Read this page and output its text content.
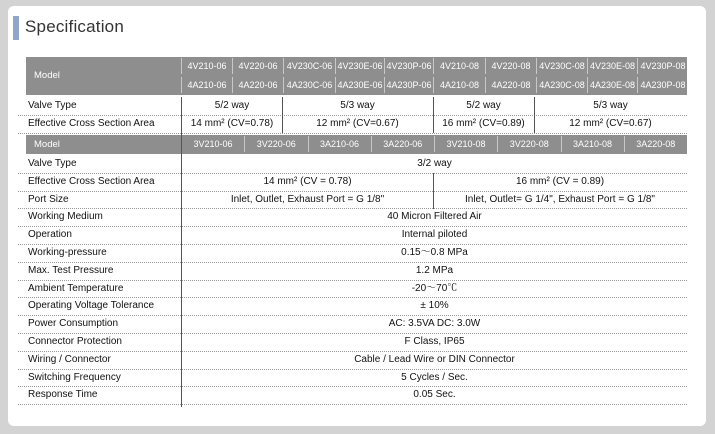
Specification
Model
4V210-06	4V220-06	4V230C-06 4V230E-06 4V230P-06 4V210-08	4V220-08 4V230C-08 4V230E-08 4V230P-08
4A210-06	4A220-06	4A230C-06 4A230E-06 4A230P-06 4A210-08	4A220-08 4A230C-08 4A230E-08 4A230P-08
Valve Type	5/2 way	5/3 way	5/2 way	5/3 way
Effective Cross Section Area	14 mm² (CV=0.78)	12 mm² (CV=0.67)	16 mm² (CV=0.89)	12 mm² (CV=0.67)
Model	3V210-06	3V220-06	3A210-06	3A220-06	3V210-08	3V220-08	3A210-08	3A220-08
Valve Type	3/2 way
Effective Cross Section Area	14 mm² (CV = 0.78)	16 mm² (CV = 0.89)
Port Size	Inlet, Outlet, Exhaust Port = G 1/8"	Inlet, Outlet= G 1/4", Exhaust Port = G 1/8"
Working Medium	40 Micron Filtered Air
Operation	Internal piloted
Working-pressure	0.15～0.8 MPa
Max. Test Pressure	1.2 MPa
Ambient Temperature	-20～70℃
Operating Voltage Tolerance	± 10%
Power Consumption	AC: 3.5VA DC: 3.0W
Connector Protection	F Class, IP65
Wiring / Connector	Cable / Lead Wire or DIN Connector
Switching Frequency	5 Cycles / Sec.
Response Time	0.05 Sec.
